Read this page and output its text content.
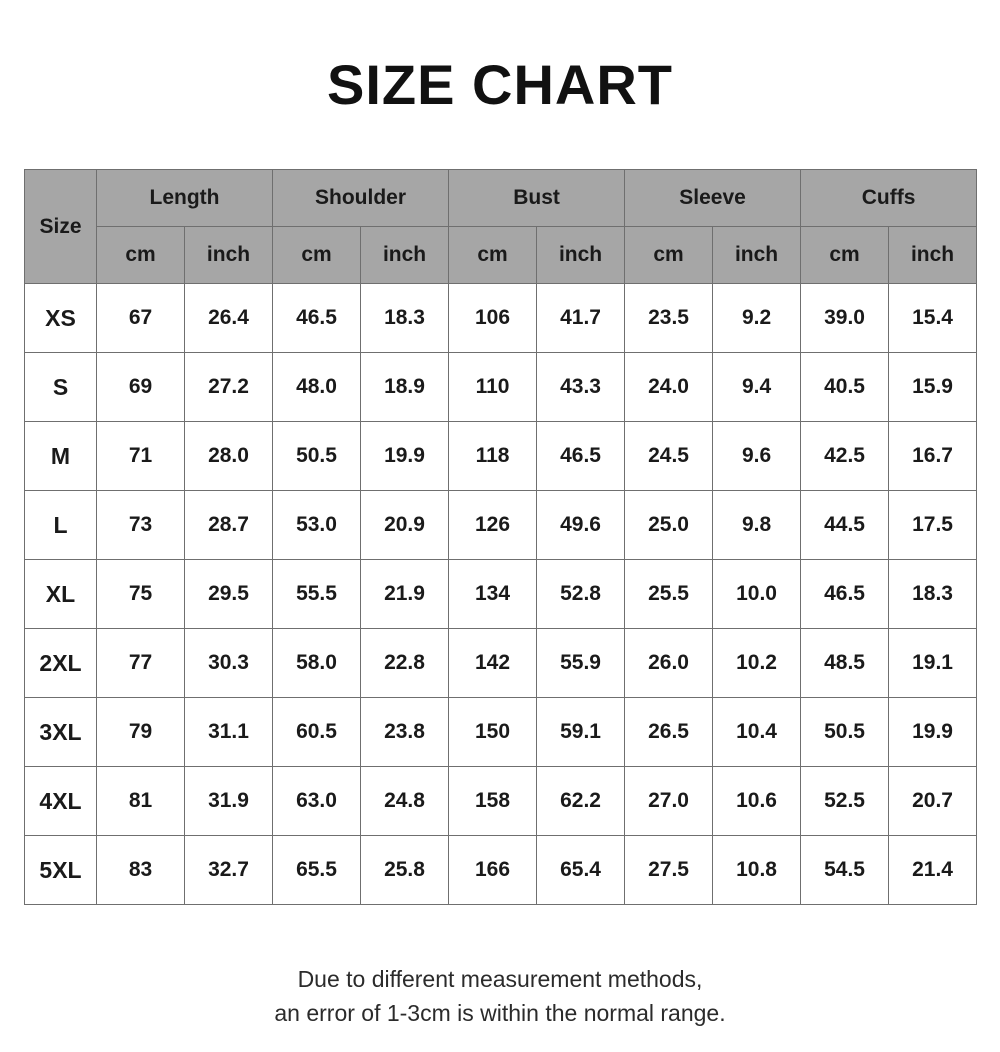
SIZE CHART
Size	Length		Shoulder		Bust		Sleeve		Cuffs	
	cm	inch	cm	inch	cm	inch	cm	inch	cm	inch
XS	67	26.4	46.5	18.3	106	41.7	23.5	9.2	39.0	15.4
S	69	27.2	48.0	18.9	110	43.3	24.0	9.4	40.5	15.9
M	71	28.0	50.5	19.9	118	46.5	24.5	9.6	42.5	16.7
L	73	28.7	53.0	20.9	126	49.6	25.0	9.8	44.5	17.5
XL	75	29.5	55.5	21.9	134	52.8	25.5	10.0	46.5	18.3
2XL	77	30.3	58.0	22.8	142	55.9	26.0	10.2	48.5	19.1
3XL	79	31.1	60.5	23.8	150	59.1	26.5	10.4	50.5	19.9
4XL	81	31.9	63.0	24.8	158	62.2	27.0	10.6	52.5	20.7
5XL	83	32.7	65.5	25.8	166	65.4	27.5	10.8	54.5	21.4
Due to different measurement methods,
an error of 1-3cm is within the normal range.
